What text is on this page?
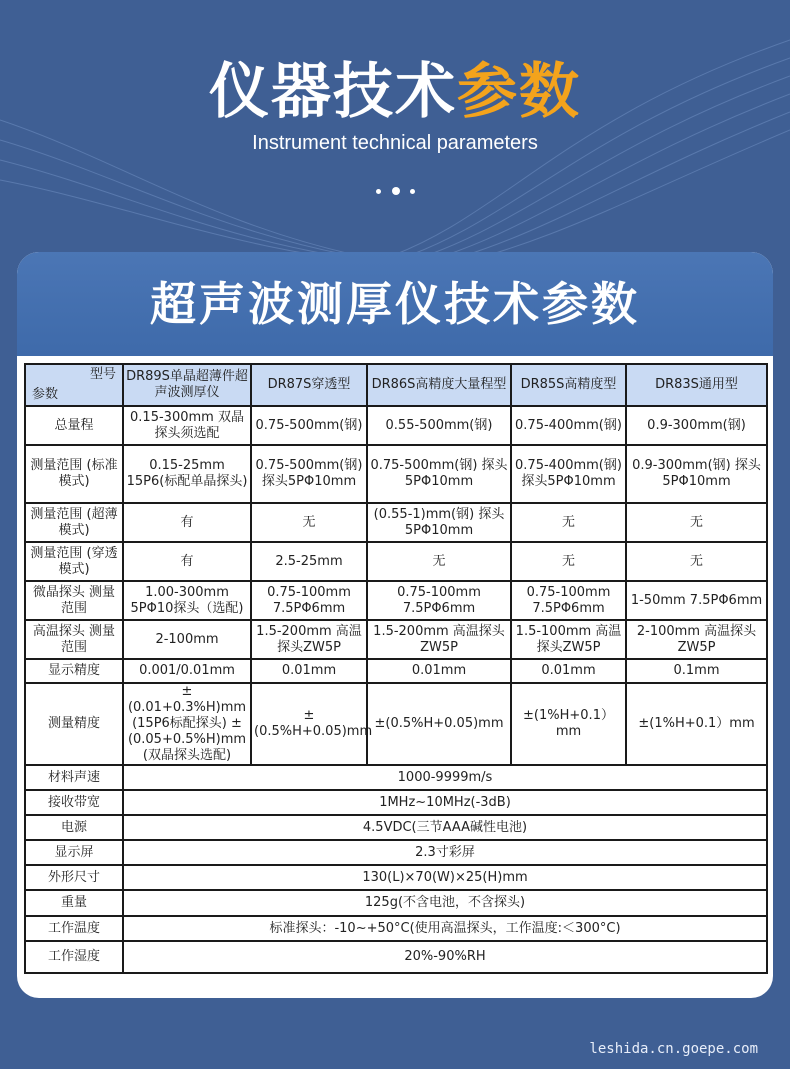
仪器技术参数
Instrument technical parameters
超声波测厚仪技术参数
型号
参数	DR89S单晶超薄件超声波测厚仪	DR87S穿透型	DR86S高精度大量程型	DR85S高精度型	DR83S通用型
总量程	0.15-300mm 双晶探头须选配	0.75-500mm(钢)	0.55-500mm(钢)	0.75-400mm(钢)	0.9-300mm(钢)
测量范围 (标准模式)	0.15-25mm 15P6(标配单晶探头)	0.75-500mm(钢) 探头5PΦ10mm	0.75-500mm(钢) 探头5PΦ10mm	0.75-400mm(钢) 探头5PΦ10mm	0.9-300mm(钢) 探头5PΦ10mm
测量范围 (超薄模式)	有	无	(0.55-1)mm(钢) 探头5PΦ10mm	无	无
测量范围 (穿透模式)	有	2.5-25mm	无	无	无
微晶探头 测量范围	1.00-300mm 5PΦ10探头（选配)	0.75-100mm 7.5PΦ6mm	0.75-100mm 7.5PΦ6mm	0.75-100mm 7.5PΦ6mm	1-50mm 7.5PΦ6mm
高温探头 测量范围	2-100mm	1.5-200mm 高温探头ZW5P	1.5-200mm 高温探头ZW5P	1.5-100mm 高温探头ZW5P	2-100mm 高温探头ZW5P
显示精度	0.001/0.01mm	0.01mm	0.01mm	0.01mm	0.1mm
测量精度	±(0.01+0.3%H)mm (15P6标配探头) ±(0.05+0.5%H)mm (双晶探头选配)	±(0.5%H+0.05)mm	±(0.5%H+0.05)mm	±(1%H+0.1）mm	±(1%H+0.1）mm
材料声速	1000-9999m/s				
接收带宽	1MHz~10MHz(-3dB)				
电源	4.5VDC(三节AAA碱性电池)				
显示屏	2.3寸彩屏				
外形尺寸	130(L)×70(W)×25(H)mm				
重量	125g(不含电池，不含探头)				
工作温度	标准探头：-10~+50°C(使用高温探头，工作温度:＜300°C)				
工作湿度	20%-90%RH				
leshida.cn.goepe.com
